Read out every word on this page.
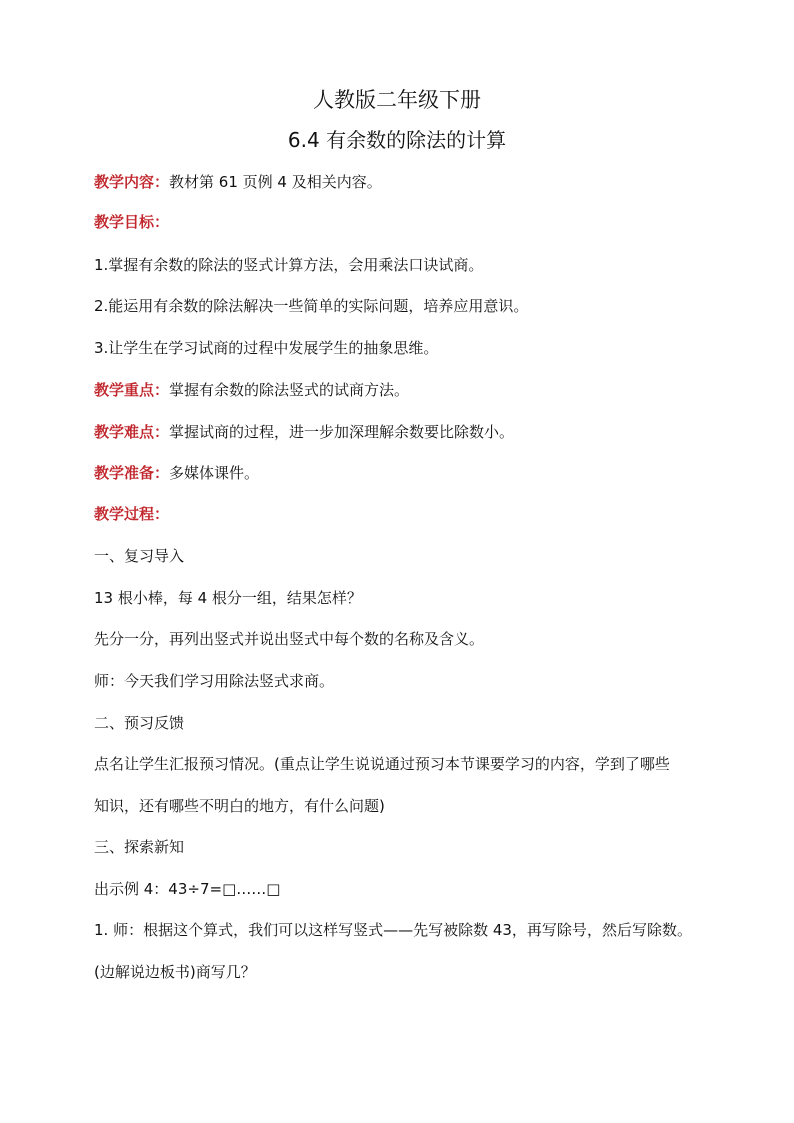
人教版二年级下册
6.4 有余数的除法的计算
教学内容：教材第 61 页例 4 及相关内容。
教学目标：
1.掌握有余数的除法的竖式计算方法，会用乘法口诀试商。
2.能运用有余数的除法解决一些简单的实际问题，培养应用意识。
3.让学生在学习试商的过程中发展学生的抽象思维。
教学重点：掌握有余数的除法竖式的试商方法。
教学难点：掌握试商的过程，进一步加深理解余数要比除数小。
教学准备：多媒体课件。
教学过程：
一、复习导入
13 根小棒，每 4 根分一组，结果怎样？
先分一分，再列出竖式并说出竖式中每个数的名称及含义。
师：今天我们学习用除法竖式求商。
二、预习反馈
点名让学生汇报预习情况。(重点让学生说说通过预习本节课要学习的内容，学到了哪些
知识，还有哪些不明白的地方，有什么问题)
三、探索新知
出示例 4：43÷7=□……□
1. 师：根据这个算式，我们可以这样写竖式——先写被除数 43，再写除号，然后写除数。
(边解说边板书)商写几？
